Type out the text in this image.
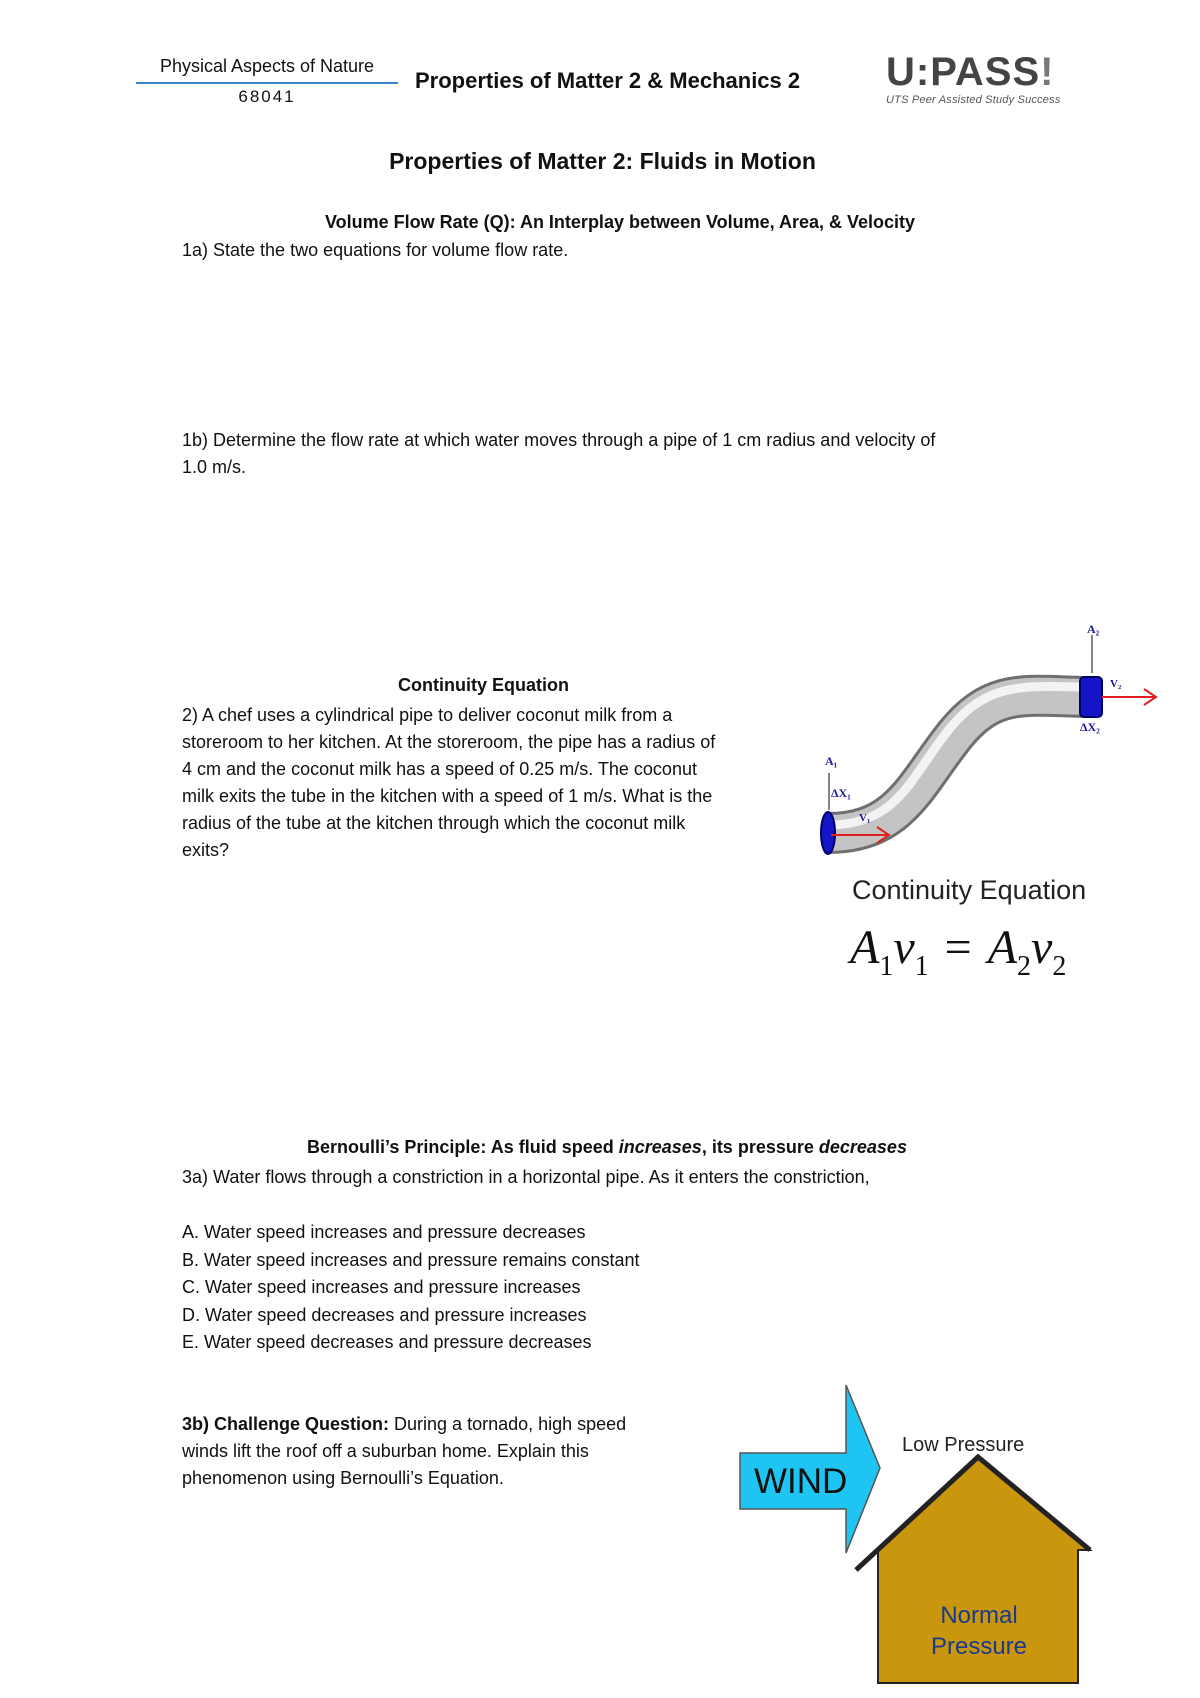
Physical Aspects of Nature
68041
Properties of Matter 2 & Mechanics 2 U:PASS!
UTS Peer Assisted Study Success
Properties of Matter 2: Fluids in Motion
Volume Flow Rate (Q): An Interplay between Volume, Area, & Velocity
1a) State the two equations for volume flow rate.
1b) Determine the flow rate at which water moves through a pipe of 1 cm radius and velocity of
1.0 m/s.
Continuity Equation
2) A chef uses a cylindrical pipe to deliver coconut milk from a
storeroom to her kitchen. At the storeroom, the pipe has a radius of
4 cm and the coconut milk has a speed of 0.25 m/s. The coconut
milk exits the tube in the kitchen with a speed of 1 m/s. What is the
radius of the tube at the kitchen through which the coconut milk
exits?
A₁
ΔX₁
V₁
A₂
V₂
ΔX₂
Continuity Equation
$A_1v_1 = A_2v_2$
Bernoulli’s Principle: As fluid speed increases, its pressure decreases
3a) Water flows through a constriction in a horizontal pipe. As it enters the constriction,
A. Water speed increases and pressure decreases
B. Water speed increases and pressure remains constant
C. Water speed increases and pressure increases
D. Water speed decreases and pressure increases
E. Water speed decreases and pressure decreases
3b) Challenge Question: During a tornado, high speed
winds lift the roof off a suburban home. Explain this
phenomenon using Bernoulli’s Equation.	WIND
Low Pressure
Normal
Pressure
